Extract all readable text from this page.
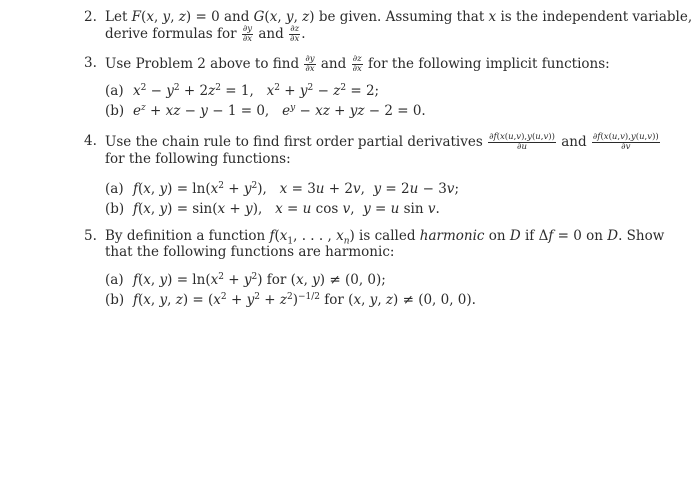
2. Let F(x, y, z) = 0 and G(x, y, z) be given. Assuming that x is the independent variable,
derive formulas for $\frac{\partial y}{\partial x}$ and $\frac{\partial z}{\partial x}$ .
3. Use Problem 2 above to find $\frac{\partial y}{\partial x}$ and $\frac{\partial z}{\partial x}$ for the following implicit functions:
(a) $x^2 - y^2 + 2z^2 = 1$,   $x^2 + y^2 - z^2 = 2$;
(b) $e^z$ + xz − y − 1 = 0,   $e^y$ − xz + yz − 2 = 0.
4. Use the chain rule to find first order partial derivatives $\frac{\partial f(x(u,v),y(u,v))}{\partial u}$ and $\frac{\partial f(x(u,v),y(u,v))}{\partial v}$
for the following functions:
(a) f(x, $y) = \ln(x^2 + y^2)$,   x = 3u + 2v,  y = 2u − 3v;
(b) f(x, y) = sin(x + y),   x = u cos v,  y = u sin v.
5. By definition a function $f(x_1$, . . . , $x_n$) is called harmonic on D if Δf = 0 on D. Show
that the following functions are harmonic:
(a) f(x, $y) = \ln(x^2 + y^2)$ for (x, y) ≠ (0, 0);
(b) f(x, y, $z) = (x^2 + y^2 + z^2)^{-1/2}$ for (x, y, z) ≠ (0, 0, 0).
